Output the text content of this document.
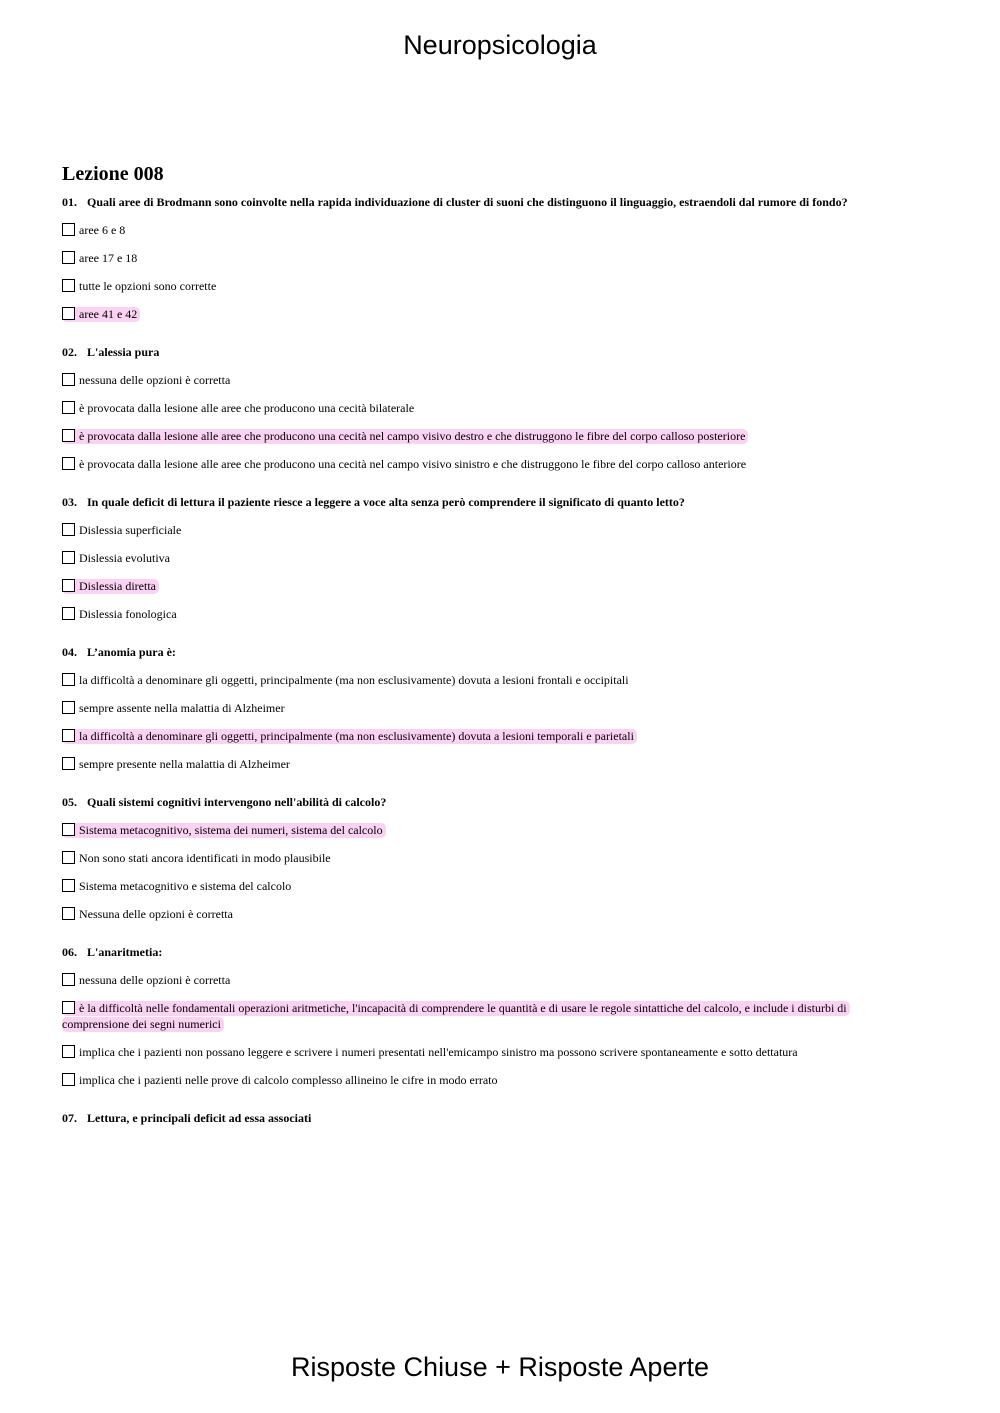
Neuropsicologia
Lezione 008
01. Quali aree di Brodmann sono coinvolte nella rapida individuazione di cluster di suoni che distinguono il linguaggio, estraendoli dal rumore di fondo?
aree 6 e 8
aree 17 e 18
tutte le opzioni sono corrette
aree 41 e 42
02. L'alessia pura
nessuna delle opzioni è corretta
è provocata dalla lesione alle aree che producono una cecità bilaterale
è provocata dalla lesione alle aree che producono una cecità nel campo visivo destro e che distruggono le fibre del corpo calloso posteriore
è provocata dalla lesione alle aree che producono una cecità nel campo visivo sinistro e che distruggono le fibre del corpo calloso anteriore
03. In quale deficit di lettura il paziente riesce a leggere a voce alta senza però comprendere il significato di quanto letto?
Dislessia superficiale
Dislessia evolutiva
Dislessia diretta
Dislessia fonologica
04. L’anomia pura è:
la difficoltà a denominare gli oggetti, principalmente (ma non esclusivamente) dovuta a lesioni frontali e occipitali
sempre assente nella malattia di Alzheimer
la difficoltà a denominare gli oggetti, principalmente (ma non esclusivamente) dovuta a lesioni temporali e parietali
sempre presente nella malattia di Alzheimer
05. Quali sistemi cognitivi intervengono nell'abilità di calcolo?
Sistema metacognitivo, sistema dei numeri, sistema del calcolo
Non sono stati ancora identificati in modo plausibile
Sistema metacognitivo e sistema del calcolo
Nessuna delle opzioni è corretta
06. L'anaritmetia:
nessuna delle opzioni è corretta
è la difficoltà nelle fondamentali operazioni aritmetiche, l'incapacità di comprendere le quantità e di usare le regole sintattiche del calcolo, e include i disturbi di comprensione dei segni numerici
implica che i pazienti non possano leggere e scrivere i numeri presentati nell'emicampo sinistro ma possono scrivere spontaneamente e sotto dettatura
implica che i pazienti nelle prove di calcolo complesso allineino le cifre in modo errato
07. Lettura, e principali deficit ad essa associati
Risposte Chiuse + Risposte Aperte
